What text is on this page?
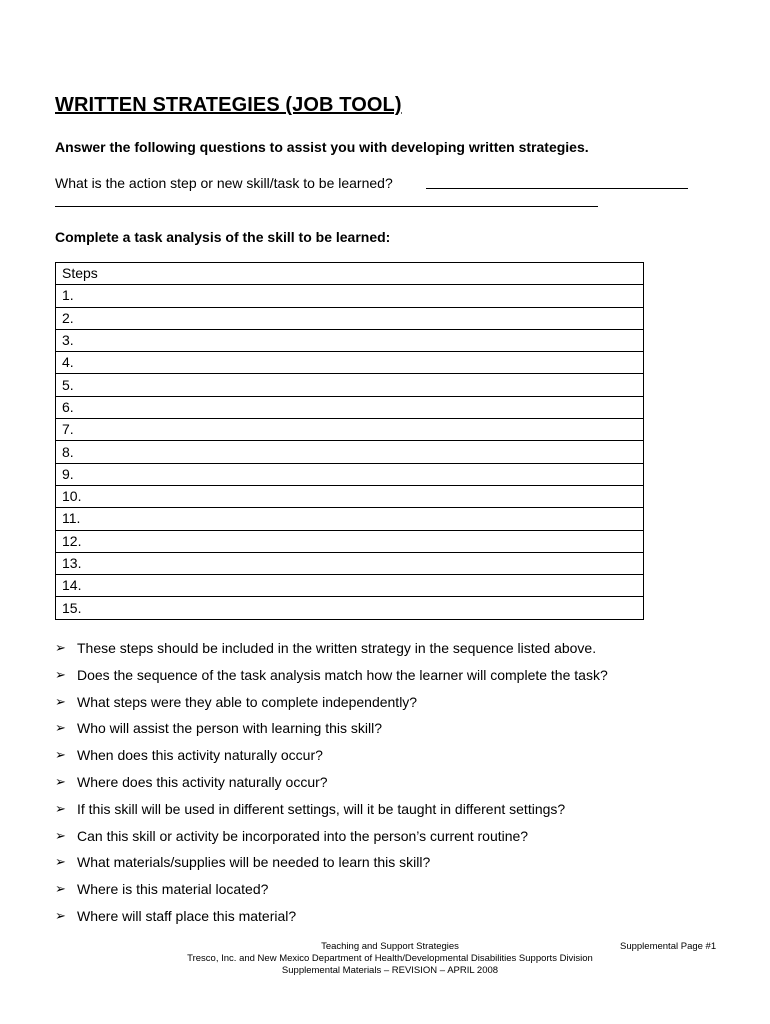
WRITTEN STRATEGIES (JOB TOOL)

Answer the following questions to assist you with developing written strategies.

What is the action step or new skill/task to be learned?

Complete a task analysis of the skill to be learned:

Steps
1.
2.
3.
4.
5.
6.
7.
8.
9.
10.
11.
12.
13.
14.
15.
➢ These steps should be included in the written strategy in the sequence listed above.
➢ Does the sequence of the task analysis match how the learner will complete the task?
➢ What steps were they able to complete independently?
➢ Who will assist the person with learning this skill?
➢ When does this activity naturally occur?
➢ Where does this activity naturally occur?
➢ If this skill will be used in different settings, will it be taught in different settings?
➢ Can this skill or activity be incorporated into the person’s current routine?
➢ What materials/supplies will be needed to learn this skill?
➢ Where is this material located?
➢ Where will staff place this material?
Teaching and Support Strategies
Tresco, Inc. and New Mexico Department of Health/Developmental Disabilities Supports Division
Supplemental Materials – REVISION – APRIL 2008
Supplemental Page #1
